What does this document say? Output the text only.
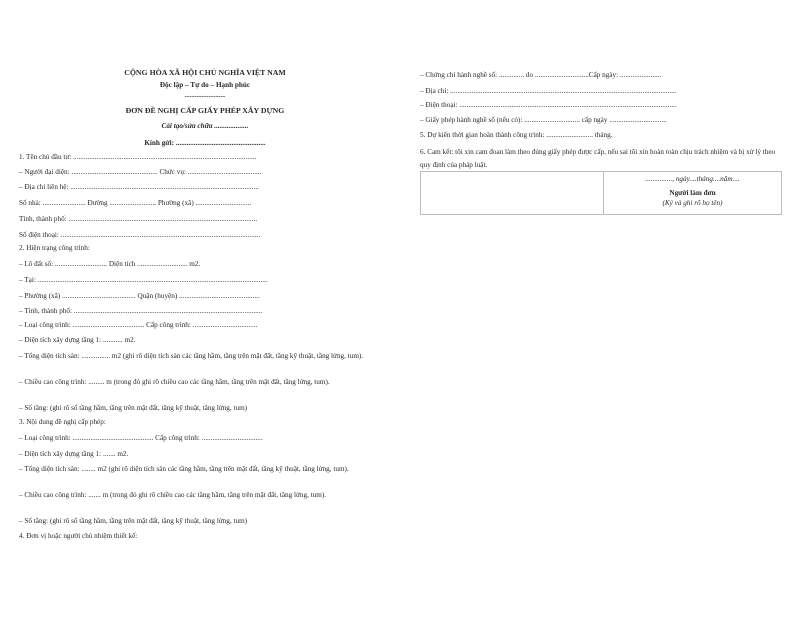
CỘNG HÒA XÃ HỘI CHỦ NGHĨA VIỆT NAM
Độc lập – Tự do – Hạnh phúc
-----------------
ĐƠN ĐỀ NGHỊ CẤP GIẤY PHÉP XÂY DỰNG
Cải tạo/sửa chữa ...................
Kính gửi: ..................................................
1. Tên chủ đầu tư: ......................................................................................................
– Người đại diện: ................................................ Chức vụ: .........................................
– Địa chỉ liên hệ: .........................................................................................................
Số nhà: ........................ Đường .......................... Phường (xã) ...............................
Tỉnh, thành phố: .........................................................................................................
Số điện thoại: ...............................................................................................................
2. Hiện trạng công trình:
– Lô đất số: ............................. Diện tích ............................ m2.
– Tại: ................................................................................................................................
– Phường (xã) ......................................... Quận (huyện) .............................................
– Tỉnh, thành phố: .........................................................................................................
– Loại công trình: ........................................ Cấp công trình: ....................................
– Diện tích xây dựng tầng 1: ........... m2.
– Tổng diện tích sàn: ................ m2 (ghi rõ diện tích sàn các tầng hầm, tầng trên mặt đất, tầng kỹ thuật, tầng lửng, tum).
– Chiều cao công trình: ......... m (trong đó ghi rõ chiều cao các tầng hầm, tầng trên mặt đất, tầng lửng, tum).
– Số tầng: (ghi rõ số tầng hầm, tầng trên mặt đất, tầng kỹ thuật, tầng lửng, tum)
3. Nội dung đề nghị cấp phép:
– Loại công trình: ............................................. Cấp công trình: ..................................
– Diện tích xây dựng tầng 1: ....... m2.
– Tổng diện tích sàn: ........ m2 (ghi rõ diện tích sàn các tầng hầm, tầng trên mặt đất, tầng kỹ thuật, tầng lửng, tum).
– Chiều cao công trình: ....... m (trong đó ghi rõ chiều cao các tầng hầm, tầng trên mặt đất, tầng lửng, tum).
– Số tầng: (ghi rõ số tầng hầm, tầng trên mặt đất, tầng kỹ thuật, tầng lửng, tum)
4. Đơn vị hoặc người chủ nhiệm thiết kế:
– Chứng chỉ hành nghề số: .............. do ..............................Cấp ngày: .......................
– Địa chỉ: ..............................................................................................................................
– Điện thoại: .........................................................................................................................
– Giấy phép hành nghề số (nếu có): ............................... cấp ngày ................................
5. Dự kiến thời gian hoàn thành công trình: .......................... tháng.
6. Cam kết: tôi xin cam đoan làm theo đúng giấy phép được cấp, nếu sai tôi xin hoàn toàn chịu trách nhiệm và bị xử lý theo quy định của pháp luật.

..............., ngày....tháng....năm....
Người làm đơn
(Ký và ghi rõ họ tên)
